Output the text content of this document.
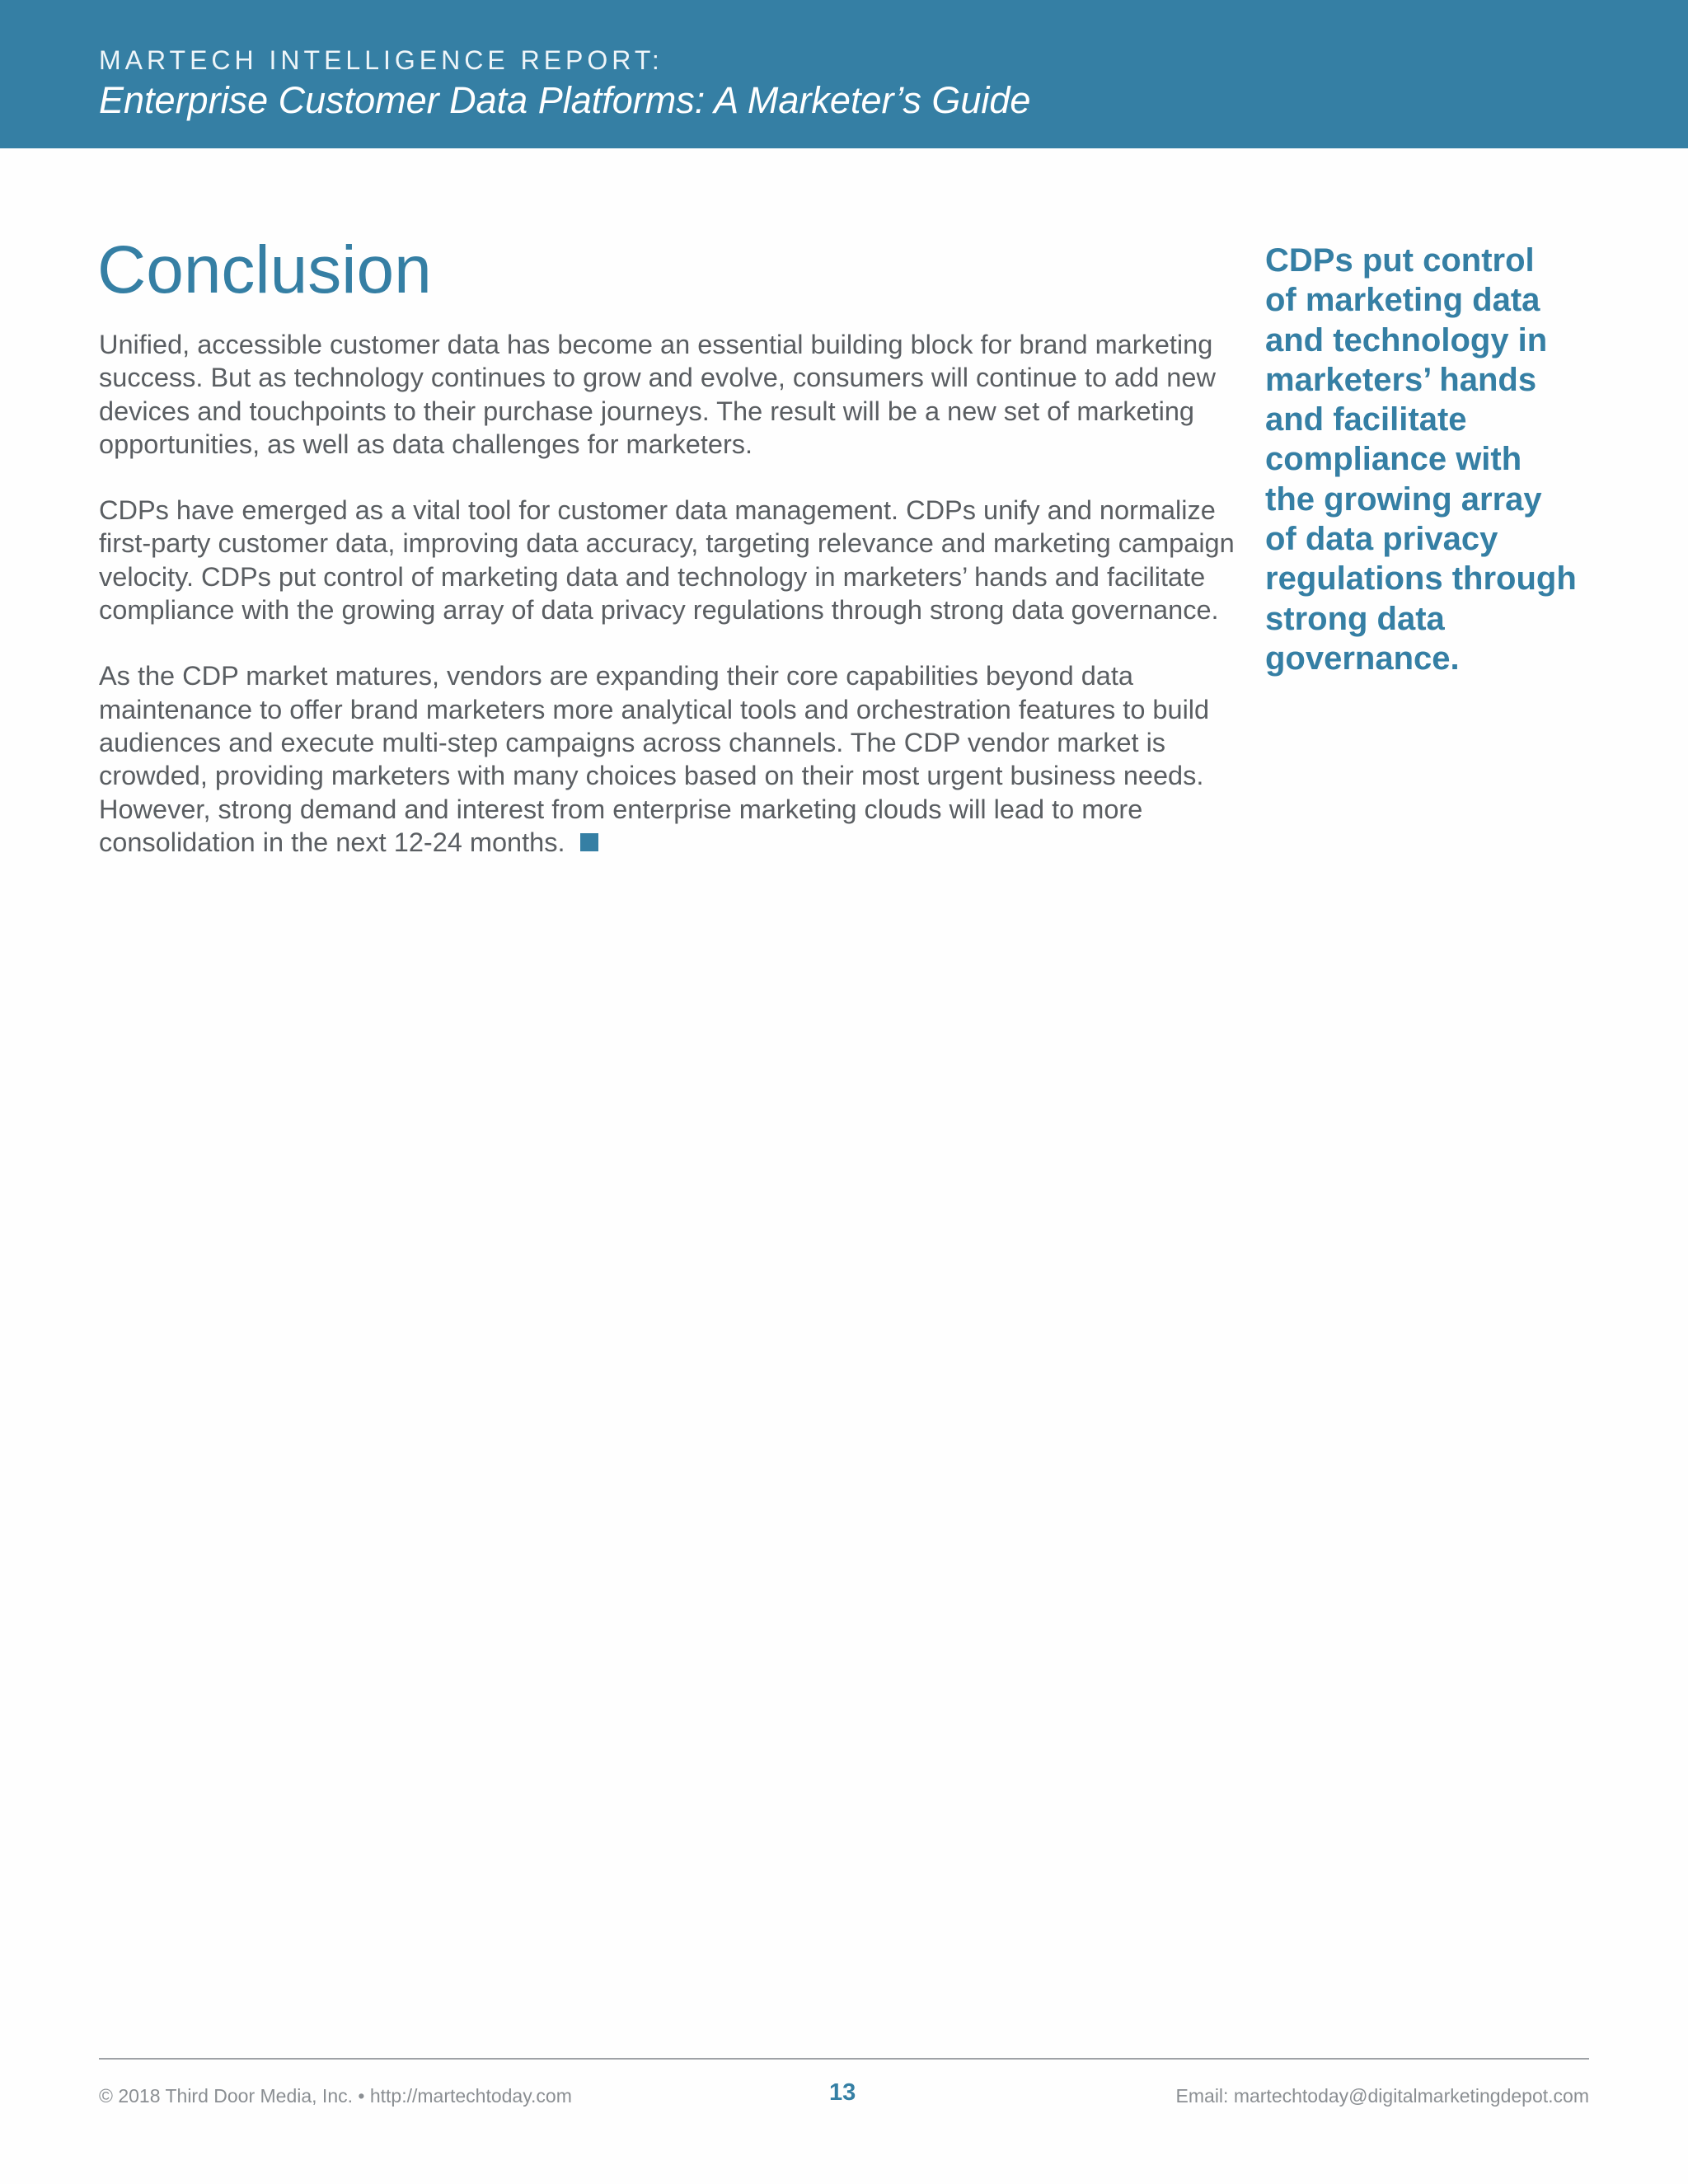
MARTECH INTELLIGENCE REPORT:
Enterprise Customer Data Platforms: A Marketer’s Guide
Conclusion

Unified, accessible customer data has become an essential building block for brand marketing success. But as technology continues to grow and evolve, consumers will continue to add new devices and touchpoints to their purchase journeys. The result will be a new set of marketing opportunities, as well as data challenges for marketers.

CDPs have emerged as a vital tool for customer data management. CDPs unify and normalize first-party customer data, improving data accuracy, targeting relevance and marketing campaign velocity. CDPs put control of marketing data and technology in marketers’ hands and facilitate compliance with the growing array of data privacy regulations through strong data governance.

As the CDP market matures, vendors are expanding their core capabilities beyond data maintenance to offer brand marketers more analytical tools and orchestration features to build audiences and execute multi-step campaigns across channels. The CDP vendor market is crowded, providing marketers with many choices based on their most urgent business needs. However, strong demand and interest from enterprise marketing clouds will lead to more consolidation in the next 12-24 months.

CDPs put control
of marketing data
and technology in
marketers’ hands
and facilitate
compliance with
the growing array
of data privacy
regulations through
strong data
governance.
© 2018 Third Door Media, Inc. • http://martechtoday.com	13	Email: martechtoday@digitalmarketingdepot.com
